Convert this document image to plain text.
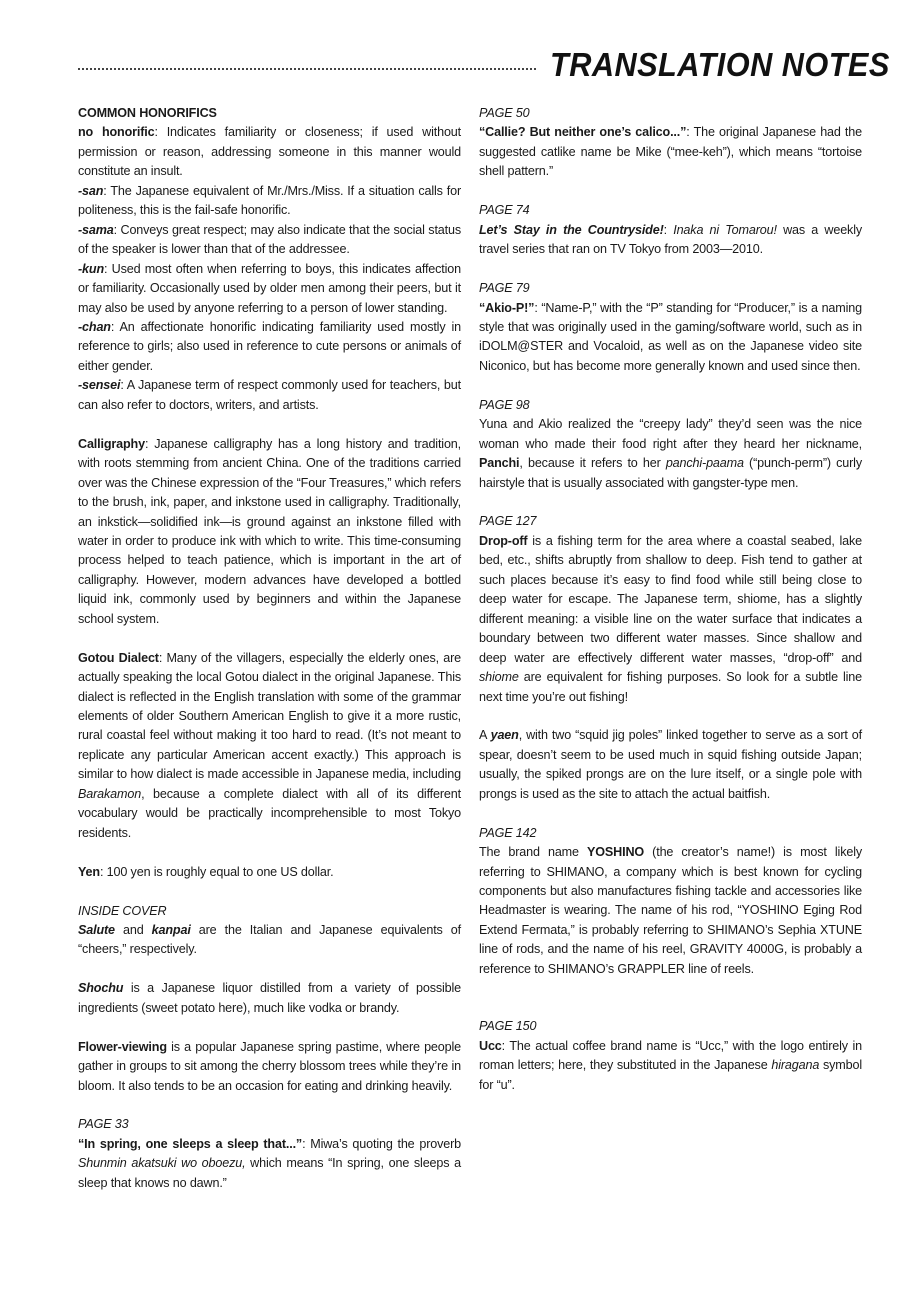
TRANSLATION NOTES
COMMON HONORIFICS

no honorific: Indicates familiarity or closeness; if used without permission or reason, addressing someone in this manner would constitute an insult.

-san: The Japanese equivalent of Mr./Mrs./Miss. If a situation calls for politeness, this is the fail-safe honorific.

-sama: Conveys great respect; may also indicate that the social status of the speaker is lower than that of the addressee.

-kun: Used most often when referring to boys, this indicates affection or familiarity. Occasionally used by older men among their peers, but it may also be used by anyone referring to a person of lower standing.

-chan: An affectionate honorific indicating familiarity used mostly in reference to girls; also used in reference to cute persons or animals of either gender.

-sensei: A Japanese term of respect commonly used for teachers, but can also refer to doctors, writers, and artists.

Calligraphy: Japanese calligraphy has a long history and tradition, with roots stemming from ancient China. One of the traditions carried over was the Chinese expression of the “Four Treasures,” which refers to the brush, ink, paper, and inkstone used in calligraphy. Traditionally, an inkstick—solidified ink—is ground against an inkstone filled with water in order to produce ink with which to write. This time-consuming process helped to teach patience, which is important in the art of calligraphy. However, modern advances have developed a bottled liquid ink, commonly used by beginners and within the Japanese school system.

Gotou Dialect: Many of the villagers, especially the elderly ones, are actually speaking the local Gotou dialect in the original Japanese. This dialect is reflected in the English translation with some of the grammar elements of older Southern American English to give it a more rustic, rural coastal feel without making it too hard to read. (It’s not meant to replicate any particular American accent exactly.) This approach is similar to how dialect is made accessible in Japanese media, including Barakamon, because a complete dialect with all of its different vocabulary would be practically incomprehensible to most Tokyo residents.

Yen: 100 yen is roughly equal to one US dollar.

INSIDE COVER

Salute and kanpai are the Italian and Japanese equivalents of “cheers,” respectively.

Shochu is a Japanese liquor distilled from a variety of possible ingredients (sweet potato here), much like vodka or brandy.

Flower-viewing is a popular Japanese spring pastime, where people gather in groups to sit among the cherry blossom trees while they’re in bloom. It also tends to be an occasion for eating and drinking heavily.

PAGE 33

“In spring, one sleeps a sleep that...”: Miwa’s quoting the proverb Shunmin akatsuki wo oboezu, which means “In spring, one sleeps a sleep that knows no dawn.”

PAGE 50

“Callie? But neither one’s calico...”: The original Japanese had the suggested catlike name be Mike (“mee-keh”), which means “tortoise shell pattern.”

PAGE 74

Let’s Stay in the Countryside!: Inaka ni Tomarou! was a weekly travel series that ran on TV Tokyo from 2003—2010.

PAGE 79

“Akio-P!”: “Name-P,” with the “P” standing for “Producer,” is a naming style that was originally used in the gaming/software world, such as in iDOLM@STER and Vocaloid, as well as on the Japanese video site Niconico, but has become more generally known and used since then.

PAGE 98

Yuna and Akio realized the “creepy lady” they’d seen was the nice woman who made their food right after they heard her nickname, Panchi, because it refers to her panchi-paama (“punch-perm”) curly hairstyle that is usually associated with gangster-type men.

PAGE 127

Drop-off is a fishing term for the area where a coastal seabed, lake bed, etc., shifts abruptly from shallow to deep. Fish tend to gather at such places because it’s easy to find food while still being close to deep water for escape. The Japanese term, shiome, has a slightly different meaning: a visible line on the water surface that indicates a boundary between two different water masses. Since shallow and deep water are effectively different water masses, “drop-off” and shiome are equivalent for fishing purposes. So look for a subtle line next time you’re out fishing!

A yaen, with two “squid jig poles” linked together to serve as a sort of spear, doesn’t seem to be used much in squid fishing outside Japan; usually, the spiked prongs are on the lure itself, or a single pole with prongs is used as the site to attach the actual baitfish.

PAGE 142

The brand name YOSHINO (the creator’s name!) is most likely referring to SHIMANO, a company which is best known for cycling components but also manufactures fishing tackle and accessories like Headmaster is wearing. The name of his rod, “YOSHINO Eging Rod Extend Fermata,” is probably referring to SHIMANO’s Sephia XTUNE line of rods, and the name of his reel, GRAVITY 4000G, is probably a reference to SHIMANO’s GRAPPLER line of reels.

PAGE 150

Ucc: The actual coffee brand name is “Ucc,” with the logo entirely in roman letters; here, they substituted in the Japanese hiragana symbol for “u”.
